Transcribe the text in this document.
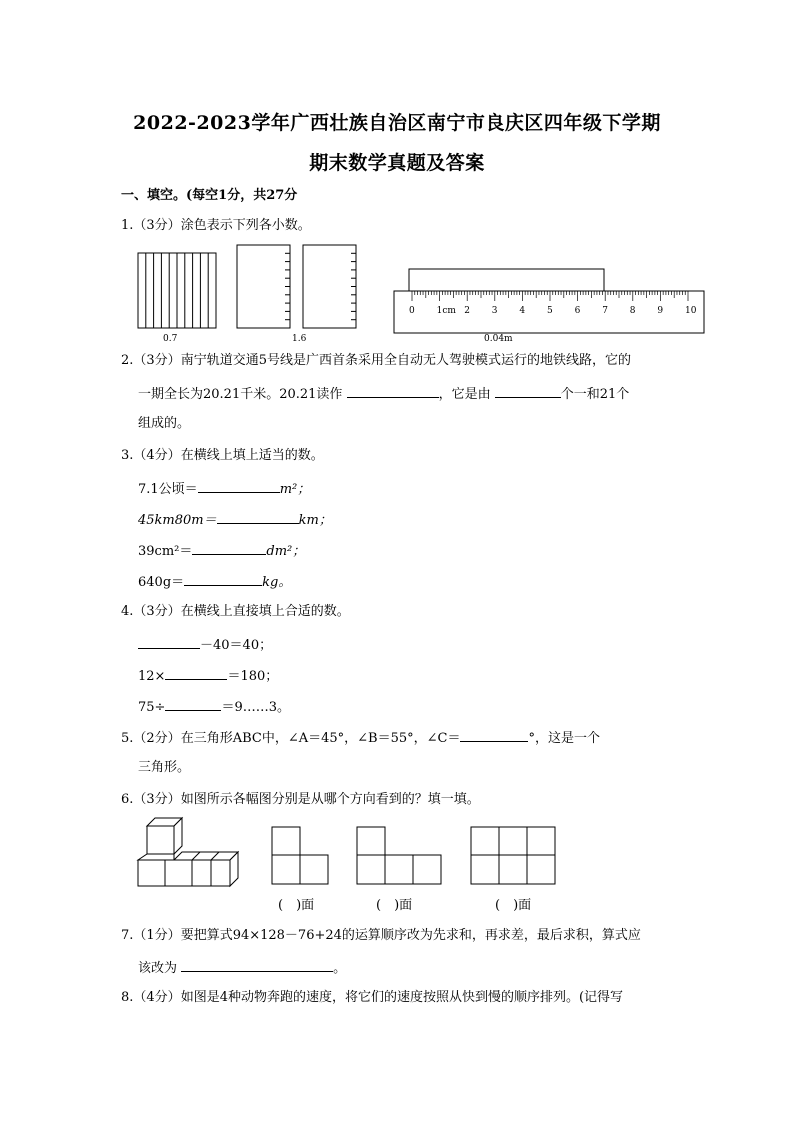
2022-2023学年广西壮族自治区南宁市良庆区四年级下学期
期末数学真题及答案
一、填空。(每空1分，共27分
1.（3分）涂色表示下列各小数。
0.7	1.6	0.04m
0 1cm 2 3 4 5 6 7 8 9 10
2.（3分）南宁轨道交通5号线是广西首条采用全自动无人驾驶模式运行的地铁线路，它的
一期全长为20.21千米。20.21读作	，它是由	个一和21个
组成的。
3.（4分）在横线上填上适当的数。
7.1公顷＝	m²；
45km80m＝	km；
39cm²＝	dm²；
640g＝	kg。
4.（3分）在横线上直接填上合适的数。
－40＝40；
12×	＝180；
75÷	＝9……3。
5.（2分）在三角形ABC中，∠A＝45°，∠B＝55°，∠C＝	°，这是一个
三角形。
6.（3分）如图所示各幅图分别是从哪个方向看到的？填一填。
(　)面	(　)面	(　)面
7.（1分）要把算式94×128－76+24的运算顺序改为先求和，再求差，最后求积，算式应
该改为	。
8.（4分）如图是4种动物奔跑的速度，将它们的速度按照从快到慢的顺序排列。(记得写
